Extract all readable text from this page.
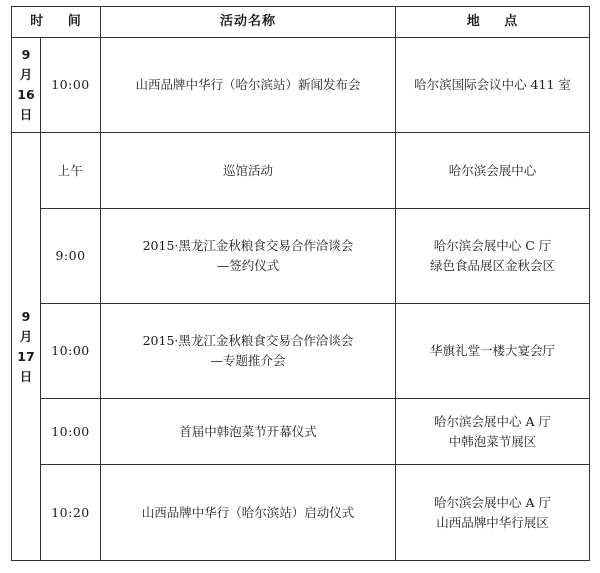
时 间		活动名称	地 点

9
月
16
日	10:00	山西品牌中华行（哈尔滨站）新闻发布会	哈尔滨国际会议中心 411 室

9
月
17
日	上午	巡馆活动	哈尔滨会展中心

	9:00	2015·黑龙江金秋粮食交易合作洽谈会
—签约仪式	哈尔滨会展中心 C 厅
绿色食品展区金秋会区

	10:00	2015·黑龙江金秋粮食交易合作洽谈会
—专题推介会	华旗礼堂一楼大宴会厅

	10:00	首届中韩泡菜节开幕仪式	哈尔滨会展中心 A 厅
中韩泡菜节展区

	10:20	山西品牌中华行（哈尔滨站）启动仪式	哈尔滨会展中心 A 厅
山西品牌中华行展区
